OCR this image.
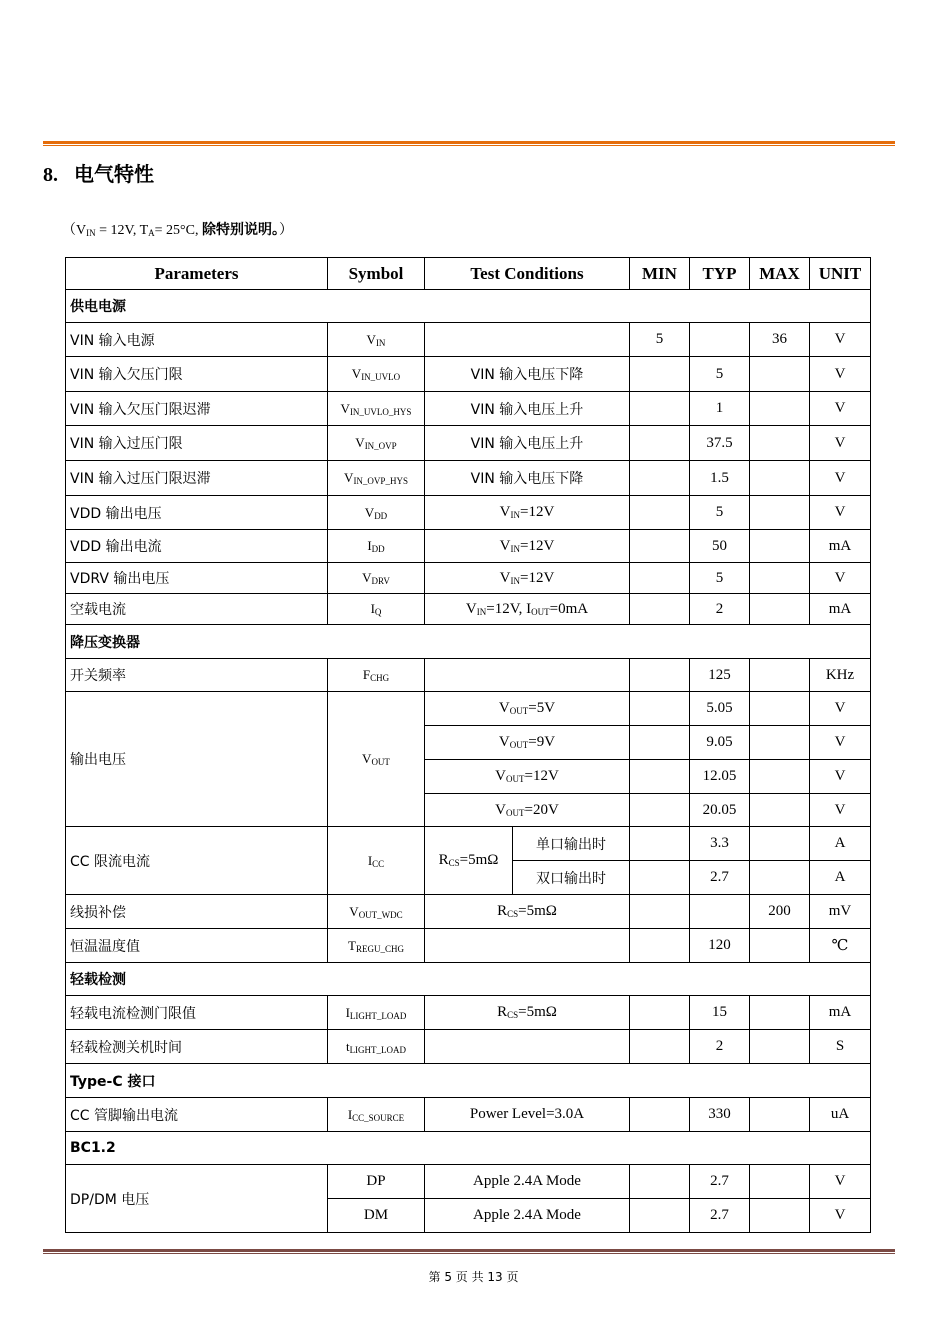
8. 电气特性
（$V_{IN} = 12V$, $T_A= 25^\circ C$, 除特别说明。）
Parameters	Symbol	Test Conditions		MIN	TYP	MAX	UNIT
供电电源							
VIN 输入电源	$V_{IN}$			5		36	V
VIN 输入欠压门限	$V_{IN\_UVLO}$	VIN 输入电压下降			5		V
VIN 输入欠压门限迟滞	$V_{IN\_UVLO\_HYS}$	VIN 输入电压上升			1		V
VIN 输入过压门限	$V_{IN\_OVP}$	VIN 输入电压上升			37.5		V
VIN 输入过压门限迟滞	$V_{IN\_OVP\_HYS}$	VIN 输入电压下降			1.5		V
VDD 输出电压	$V_{DD}$	$V_{IN}=12V$			5		V
VDD 输出电流	$I_{DD}$	$V_{IN}=12V$			50		mA
VDRV 输出电压	$V_{DRV}$	$V_{IN}=12V$			5		V
空载电流	$I_Q$	$V_{IN}=12V$, $I_{OUT}=0mA$			2		mA
降压变换器							
开关频率	$F_{CHG}$				125		KHz
输出电压	$V_{OUT}$	$V_{OUT}=5V$			5.05		V
		$V_{OUT}=9V$			9.05		V
		$V_{OUT}=12V$			12.05		V
		$V_{OUT}=20V$			20.05		V
CC 限流电流	$I_{CC}$	$R_{CS}=5m\Omega$	单口输出时		3.3		A
			双口输出时		2.7		A
线损补偿	$V_{OUT\_WDC}$	$R_{CS}=5m\Omega$				200	mV
恒温温度值	$T_{REGU\_CHG}$				120		℃
轻载检测							
轻载电流检测门限值	$I_{LIGHT\_LOAD}$	$R_{CS}=5m\Omega$			15		mA
轻载检测关机时间	$t_{LIGHT\_LOAD}$				2		S
Type-C 接口							
CC 管脚输出电流	$I_{CC\_SOURCE}$	Power Level=3.0A			330		uA
BC1.2							
DP/DM 电压	DP	Apple 2.4A Mode			2.7		V
	DM	Apple 2.4A Mode			2.7		V
第 5 页 共 13 页
